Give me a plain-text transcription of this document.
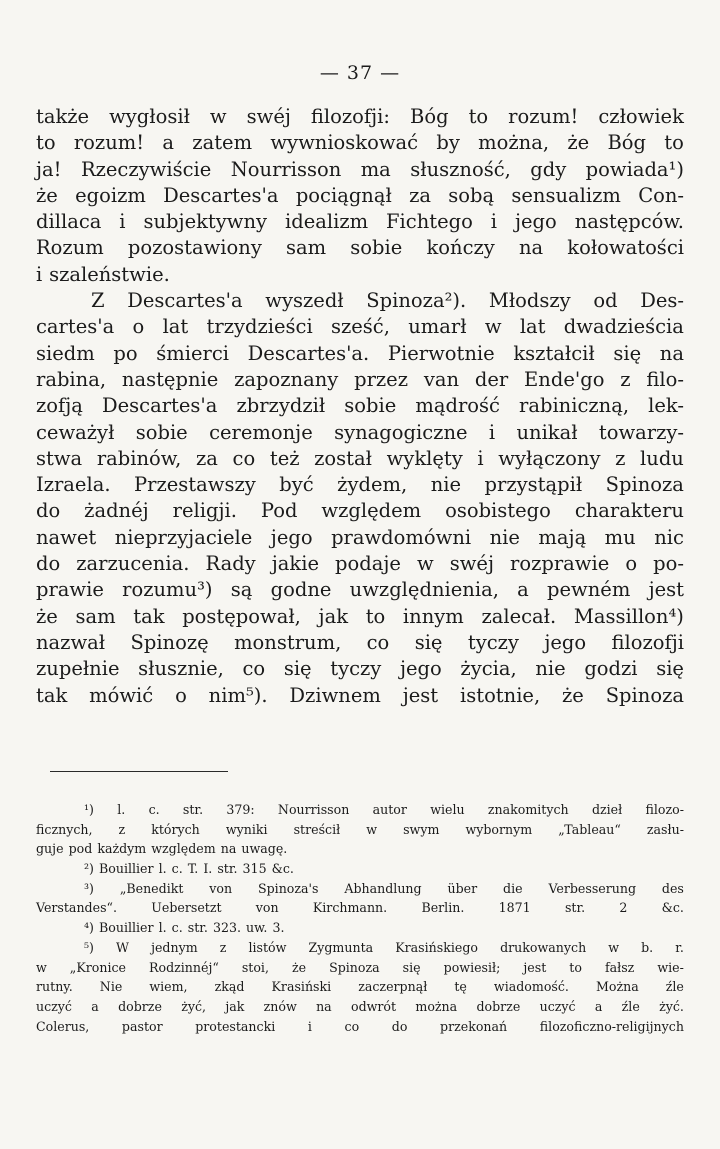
— 37 —
także wygłosił w swéj filozofji: Bóg to rozum! człowiek
to rozum! a zatem wywnioskować by można, że Bóg to
ja! Rzeczywiście Nourrisson ma słuszność, gdy powiada¹)
że egoizm Descartes'a pociągnął za sobą sensualizm Con-
dillaca i subjektywny idealizm Fichtego i jego następców.
Rozum pozostawiony sam sobie kończy na kołowatości
i szaleństwie.
Z Descartes'a wyszedł Spinoza²). Młodszy od Des-
cartes'a o lat trzydzieści sześć, umarł w lat dwadzieścia
siedm po śmierci Descartes'a. Pierwotnie kształcił się na
rabina, następnie zapoznany przez van der Ende'go z filo-
zofją Descartes'a zbrzydził sobie mądrość rabiniczną, lek-
ceważył sobie ceremonje synagogiczne i unikał towarzy-
stwa rabinów, za co też został wyklęty i wyłączony z ludu
Izraela. Przestawszy być żydem, nie przystąpił Spinoza
do żadnéj religji. Pod względem osobistego charakteru
nawet nieprzyjaciele jego prawdomówni nie mają mu nic
do zarzucenia. Rady jakie podaje w swéj rozprawie o po-
prawie rozumu³) są godne uwzględnienia, a pewném jest
że sam tak postępował, jak to innym zalecał. Massillon⁴)
nazwał Spinozę monstrum, co się tyczy jego filozofji
zupełnie słusznie, co się tyczy jego życia, nie godzi się
tak mówić o nim⁵). Dziwnem jest istotnie, że Spinoza
¹) l. c. str. 379: Nourrisson autor wielu znakomitych dzieł filozo-
ficznych, z których wyniki streścił w swym wybornym „Tableau“ zasłu-
guje pod każdym względem na uwagę.
²) Bouillier l. c. T. I. str. 315 &c.
³) „Benedikt von Spinoza's Abhandlung über die Verbesserung des
Verstandes“.	Uebersetzt	von	Kirchmann.	Berlin.	1871	str.	2	&c.
⁴) Bouillier l. c. str. 323. uw. 3.
⁵) W jednym z listów Zygmunta Krasińskiego drukowanych w b. r.
w „Kronice Rodzinnéj“ stoi, że Spinoza się powiesił; jest to fałsz wie-
rutny. Nie wiem, zkąd Krasiński zaczerpnął tę wiadomość. Można źle
uczyć a dobrze żyć, jak znów na odwrót można dobrze uczyć a źle żyć.
Colerus,	pastor	protestancki	i	co	do	przekonań	filozoficzno-religijnych
